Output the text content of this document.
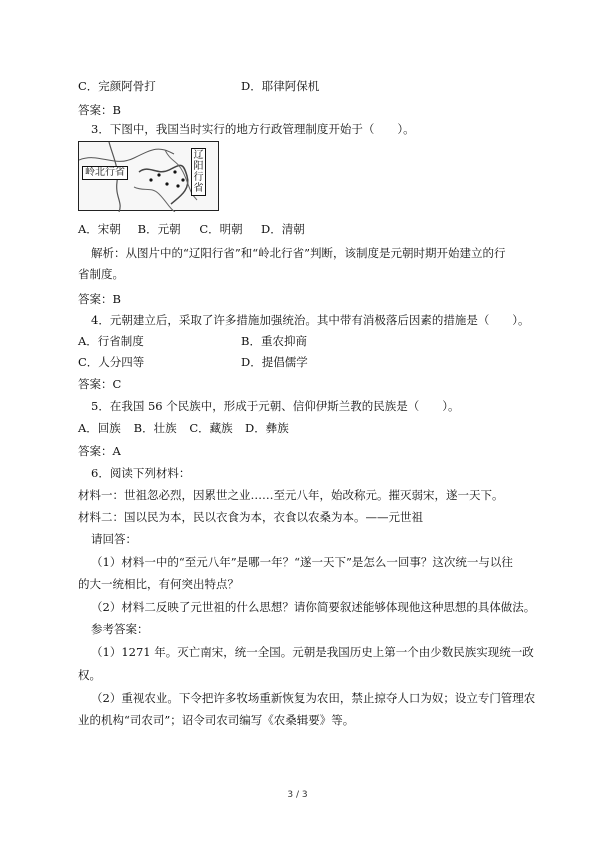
C．完颜阿骨打	D．耶律阿保机
答案：B
3．下图中，我国当时实行的地方行政管理制度开始于（　　）。
岭北行省
辽阳行省
A．宋朝 B．元朝 C．明朝 D．清朝
解析：从图片中的“辽阳行省”和“岭北行省”判断，该制度是元朝时期开始建立的行
省制度。
答案：B
4．元朝建立后，采取了许多措施加强统治。其中带有消极落后因素的措施是（　　）。
A．行省制度	B．重农抑商
C．人分四等	D．提倡儒学
答案：C
5．在我国 56 个民族中，形成于元朝、信仰伊斯兰教的民族是（　　）。
A．回族 B．壮族 C．藏族 D．彝族
答案：A
6．阅读下列材料：
材料一：世祖忽必烈，因累世之业……至元八年，始改称元。摧灭弱宋，遂一天下。
材料二：国以民为本，民以衣食为本，衣食以农桑为本。——元世祖
请回答：
（1）材料一中的“至元八年”是哪一年？“遂一天下”是怎么一回事？这次统一与以往
的大一统相比，有何突出特点？
（2）材料二反映了元世祖的什么思想？请你简要叙述能够体现他这种思想的具体做法。
参考答案：
（1）1271 年。灭亡南宋，统一全国。元朝是我国历史上第一个由少数民族实现统一政
权。
（2）重视农业。下令把许多牧场重新恢复为农田，禁止掠夺人口为奴；设立专门管理农
业的机构“司农司”；诏令司农司编写《农桑辑要》等。
3 / 3
